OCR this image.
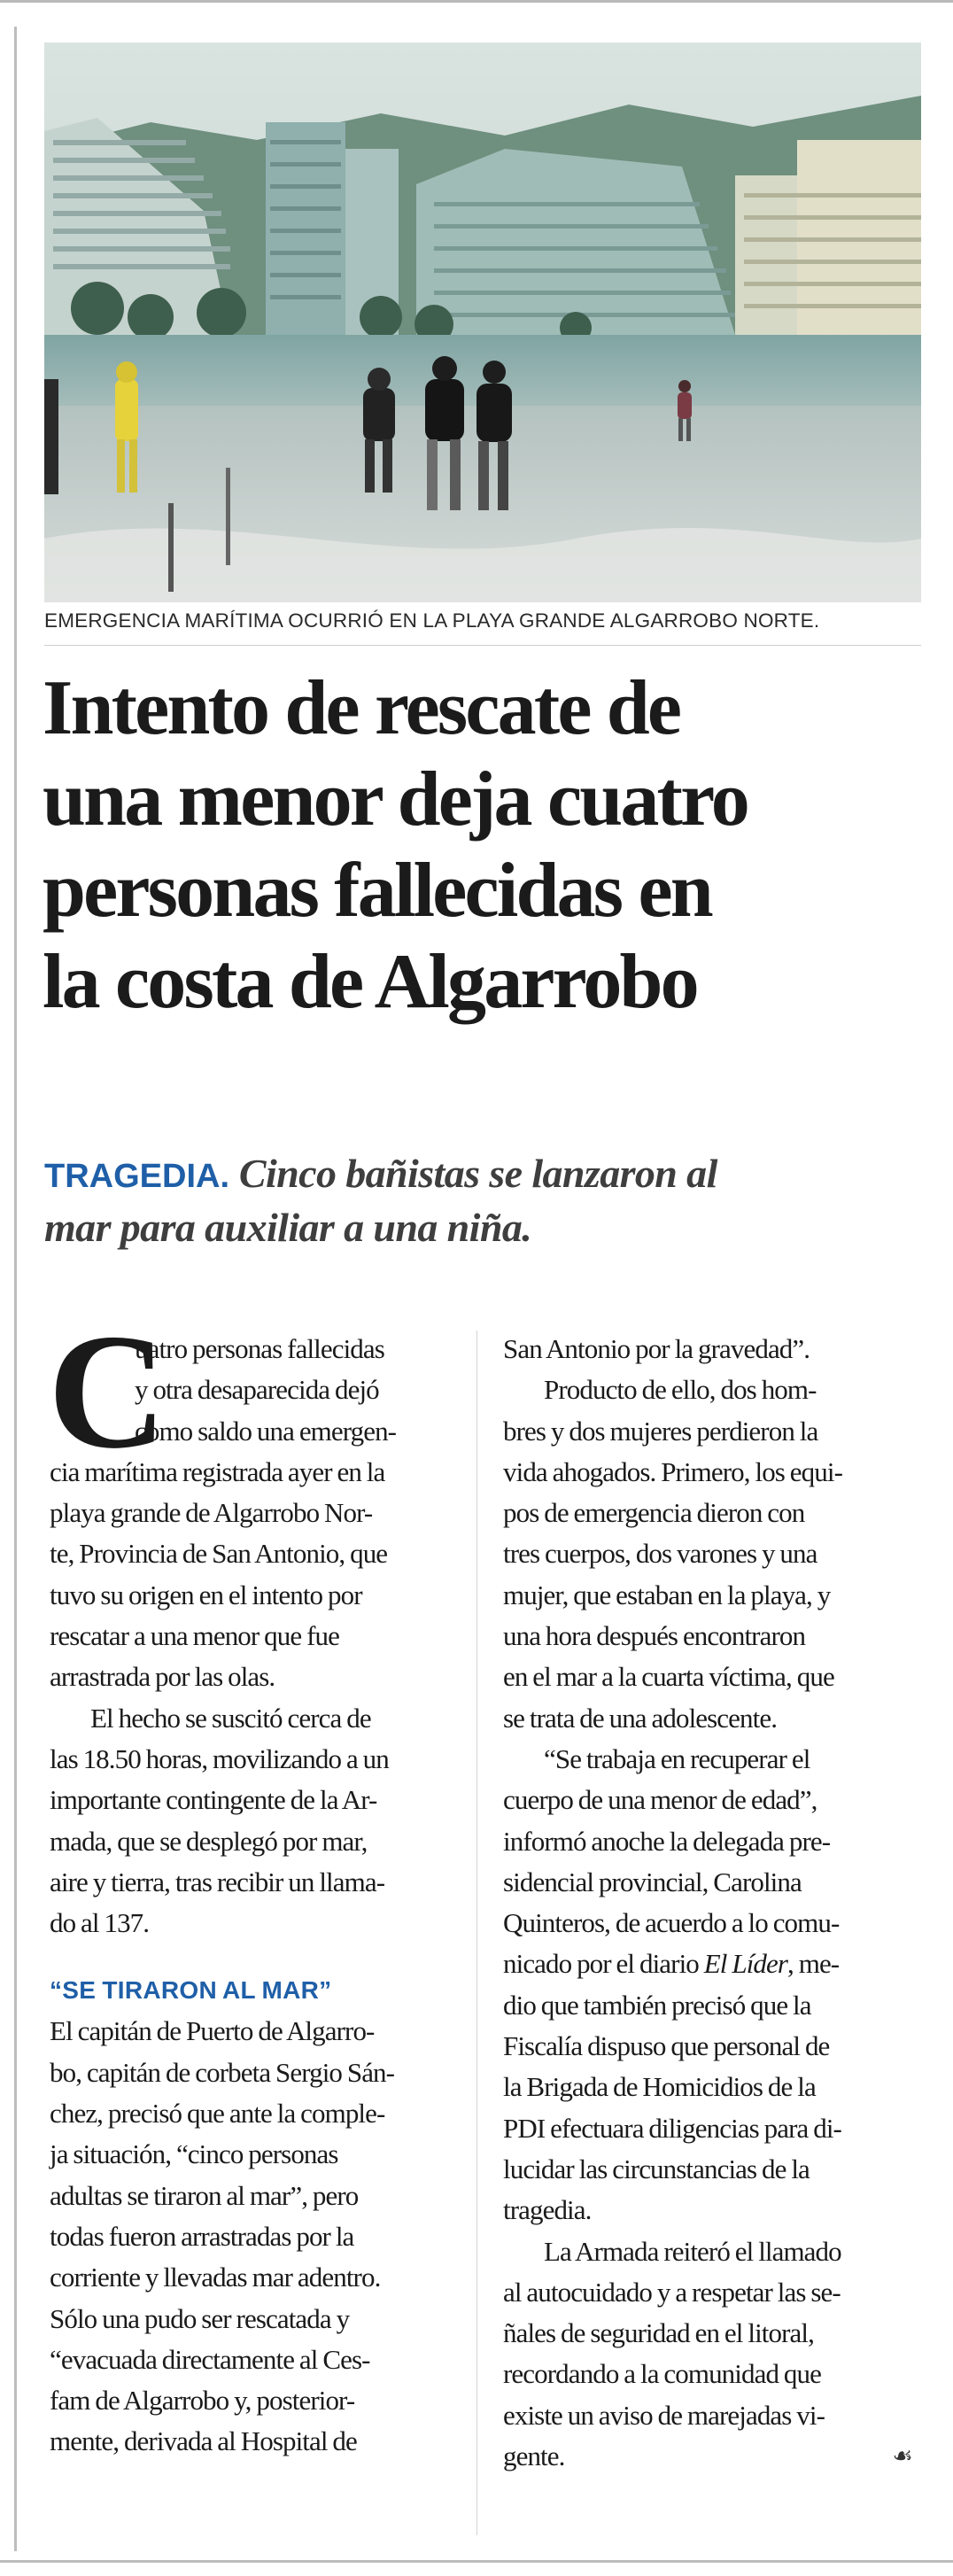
EMERGENCIA MARÍTIMA OCURRIÓ EN LA PLAYA GRANDE ALGARROBO NORTE.
Intento de rescate de
una menor deja cuatro
personas fallecidas en
la costa de Algarrobo
TRAGEDIA. Cinco bañistas se lanzaron al
mar para auxiliar a una niña.
C
uatro personas fallecidas
y otra desaparecida dejó
como saldo una emergen-
cia marítima registrada ayer en la
playa grande de Algarrobo Nor-
te, Provincia de San Antonio, que
tuvo su origen en el intento por
rescatar a una menor que fue
arrastrada por las olas.
El hecho se suscitó cerca de
las 18.50 horas, movilizando a un
importante contingente de la Ar-
mada, que se desplegó por mar,
aire y tierra, tras recibir un llama-
do al 137.
“SE TIRARON AL MAR”
El capitán de Puerto de Algarro-
bo, capitán de corbeta Sergio Sán-
chez, precisó que ante la comple-
ja situación, “cinco personas
adultas se tiraron al mar”, pero
todas fueron arrastradas por la
corriente y llevadas mar adentro.
Sólo una pudo ser rescatada y
“evacuada directamente al Ces-
fam de Algarrobo y, posterior-
mente, derivada al Hospital de
San Antonio por la gravedad”.
Producto de ello, dos hom-
bres y dos mujeres perdieron la
vida ahogados. Primero, los equi-
pos de emergencia dieron con
tres cuerpos, dos varones y una
mujer, que estaban en la playa, y
una hora después encontraron
en el mar a la cuarta víctima, que
se trata de una adolescente.
“Se trabaja en recuperar el
cuerpo de una menor de edad”,
informó anoche la delegada pre-
sidencial provincial, Carolina
Quinteros, de acuerdo a lo comu-
nicado por el diario El Líder, me-
dio que también precisó que la
Fiscalía dispuso que personal de
la Brigada de Homicidios de la
PDI efectuara diligencias para di-
lucidar las circunstancias de la
tragedia.
La Armada reiteró el llamado
al autocuidado y a respetar las se-
ñales de seguridad en el litoral,
recordando a la comunidad que
existe un aviso de marejadas vi-
gente.	☙
